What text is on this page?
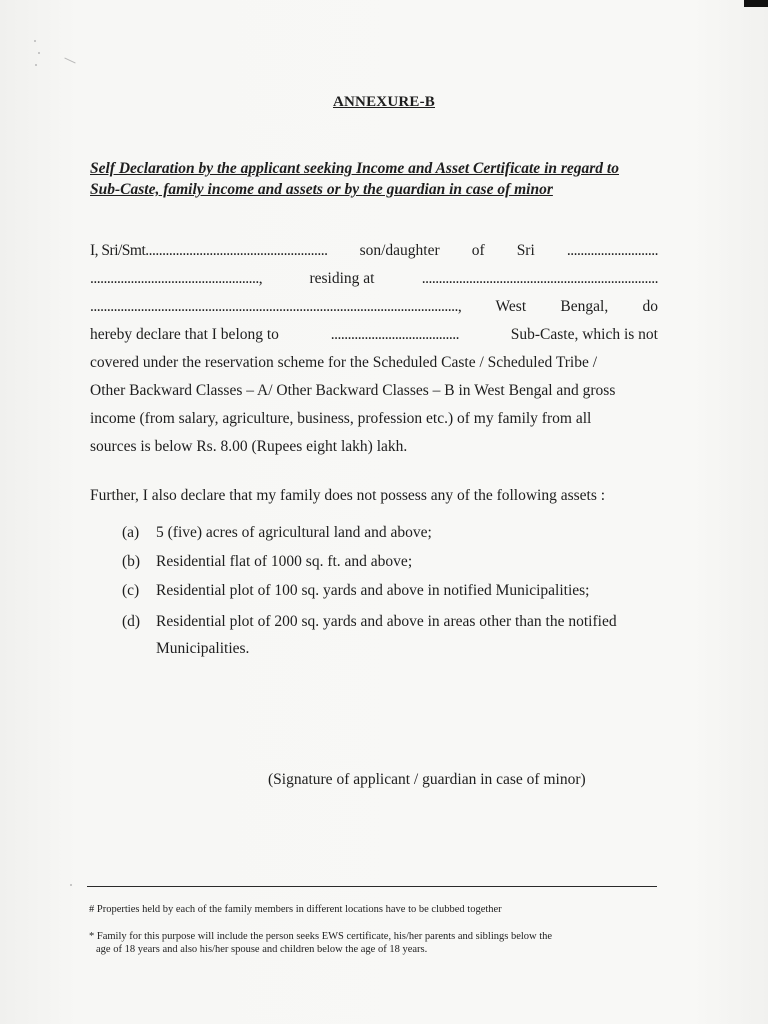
ANNEXURE-B
Self Declaration by the applicant seeking Income and Asset Certificate in regard to
Sub-Caste, family income and assets or by the guardian in case of minor
I, Sri/Smt...................................................... son/daughter of Sri ...........................
..................................................,	residing at	......................................................................
............................................................................................................., West Bengal, do
hereby declare that I belong to	......................................	Sub-Caste, which is not
covered under the reservation scheme for the Scheduled Caste / Scheduled Tribe /
Other Backward Classes – A/ Other Backward Classes – B in West Bengal and gross
income (from salary, agriculture, business, profession etc.) of my family from all
sources is below Rs. 8.00 (Rupees eight lakh) lakh.
Further, I also declare that my family does not possess any of the following assets :
(a) 5 (five) acres of agricultural land and above;
(b) Residential flat of 1000 sq. ft. and above;
(c) Residential plot of 100 sq. yards and above in notified Municipalities;
(d) Residential plot of 200 sq. yards and above in areas other than the notified Municipalities.
(Signature of applicant / guardian in case of minor)
# Properties held by each of the family members in different locations have to be clubbed together
* Family for this purpose will include the person seeks EWS certificate, his/her parents and siblings below the
age of 18 years and also his/her spouse and children below the age of 18 years.
